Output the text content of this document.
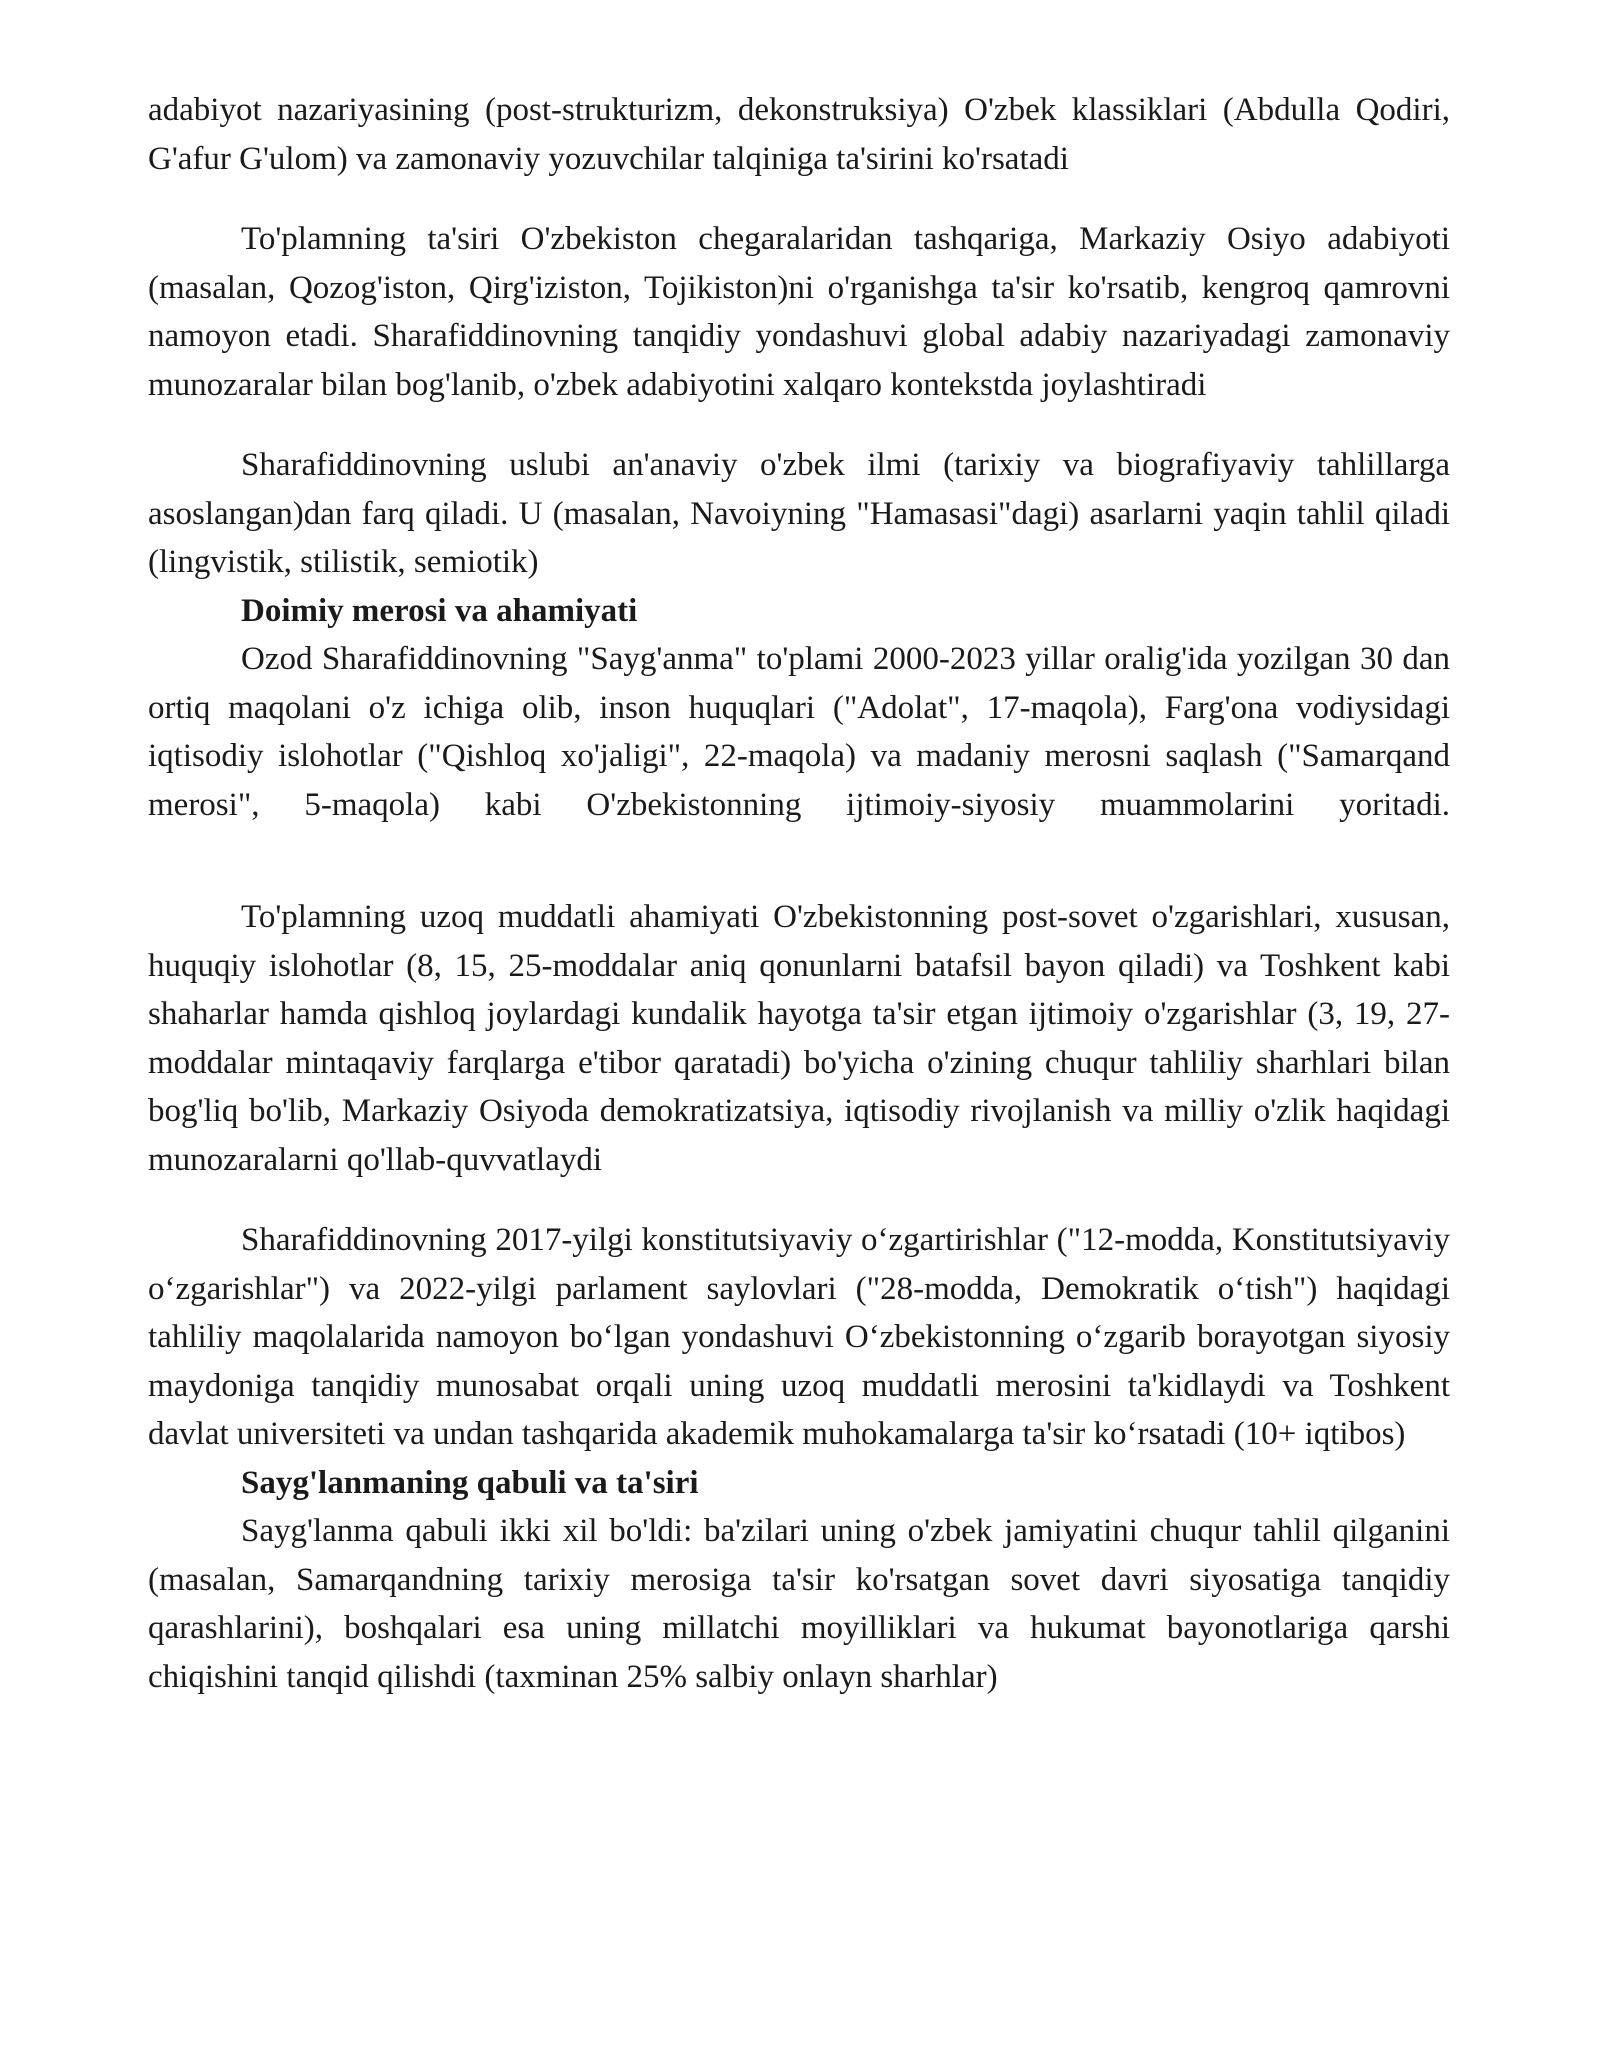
adabiyot nazariyasining (post-strukturizm, dekonstruksiya) O'zbek klassiklari (Abdulla Qodiri, G'afur G'ulom) va zamonaviy yozuvchilar talqiniga ta'sirini ko'rsatadi

To'plamning ta'siri O'zbekiston chegaralaridan tashqariga, Markaziy Osiyo adabiyoti (masalan, Qozog'iston, Qirg'iziston, Tojikiston)ni o'rganishga ta'sir ko'rsatib, kengroq qamrovni namoyon etadi. Sharafiddinovning tanqidiy yondashuvi global adabiy nazariyadagi zamonaviy munozaralar bilan bog'lanib, o'zbek adabiyotini xalqaro kontekstda joylashtiradi

Sharafiddinovning uslubi an'anaviy o'zbek ilmi (tarixiy va biografiyaviy tahlillarga asoslangan)dan farq qiladi. U (masalan, Navoiyning "Hamasasi"dagi) asarlarni yaqin tahlil qiladi (lingvistik, stilistik, semiotik)

Doimiy merosi va ahamiyati

Ozod Sharafiddinovning "Sayg'anma" to'plami 2000-2023 yillar oralig'ida yozilgan 30 dan ortiq maqolani o'z ichiga olib, inson huquqlari ("Adolat", 17-maqola), Farg'ona vodiysidagi iqtisodiy islohotlar ("Qishloq xo'jaligi", 22-maqola) va madaniy merosni saqlash ("Samarqand merosi", 5-maqola) kabi O'zbekistonning ijtimoiy-siyosiy muammolarini yoritadi.

To'plamning uzoq muddatli ahamiyati O'zbekistonning post-sovet o'zgarishlari, xususan, huquqiy islohotlar (8, 15, 25-moddalar aniq qonunlarni batafsil bayon qiladi) va Toshkent kabi shaharlar hamda qishloq joylardagi kundalik hayotga ta'sir etgan ijtimoiy o'zgarishlar (3, 19, 27-moddalar mintaqaviy farqlarga e'tibor qaratadi) bo'yicha o'zining chuqur tahliliy sharhlari bilan bog'liq bo'lib, Markaziy Osiyoda demokratizatsiya, iqtisodiy rivojlanish va milliy o'zlik haqidagi munozaralarni qo'llab-quvvatlaydi

Sharafiddinovning 2017-yilgi konstitutsiyaviy oʻzgartirishlar ("12-modda, Konstitutsiyaviy oʻzgarishlar") va 2022-yilgi parlament saylovlari ("28-modda, Demokratik oʻtish") haqidagi tahliliy maqolalarida namoyon boʻlgan yondashuvi Oʻzbekistonning oʻzgarib borayotgan siyosiy maydoniga tanqidiy munosabat orqali uning uzoq muddatli merosini ta'kidlaydi va Toshkent davlat universiteti va undan tashqarida akademik muhokamalarga ta'sir koʻrsatadi (10+ iqtibos)

Sayg'lanmaning qabuli va ta'siri

Sayg'lanma qabuli ikki xil bo'ldi: ba'zilari uning o'zbek jamiyatini chuqur tahlil qilganini (masalan, Samarqandning tarixiy merosiga ta'sir ko'rsatgan sovet davri siyosatiga tanqidiy qarashlarini), boshqalari esa uning millatchi moyilliklari va hukumat bayonotlariga qarshi chiqishini tanqid qilishdi (taxminan 25% salbiy onlayn sharhlar)
